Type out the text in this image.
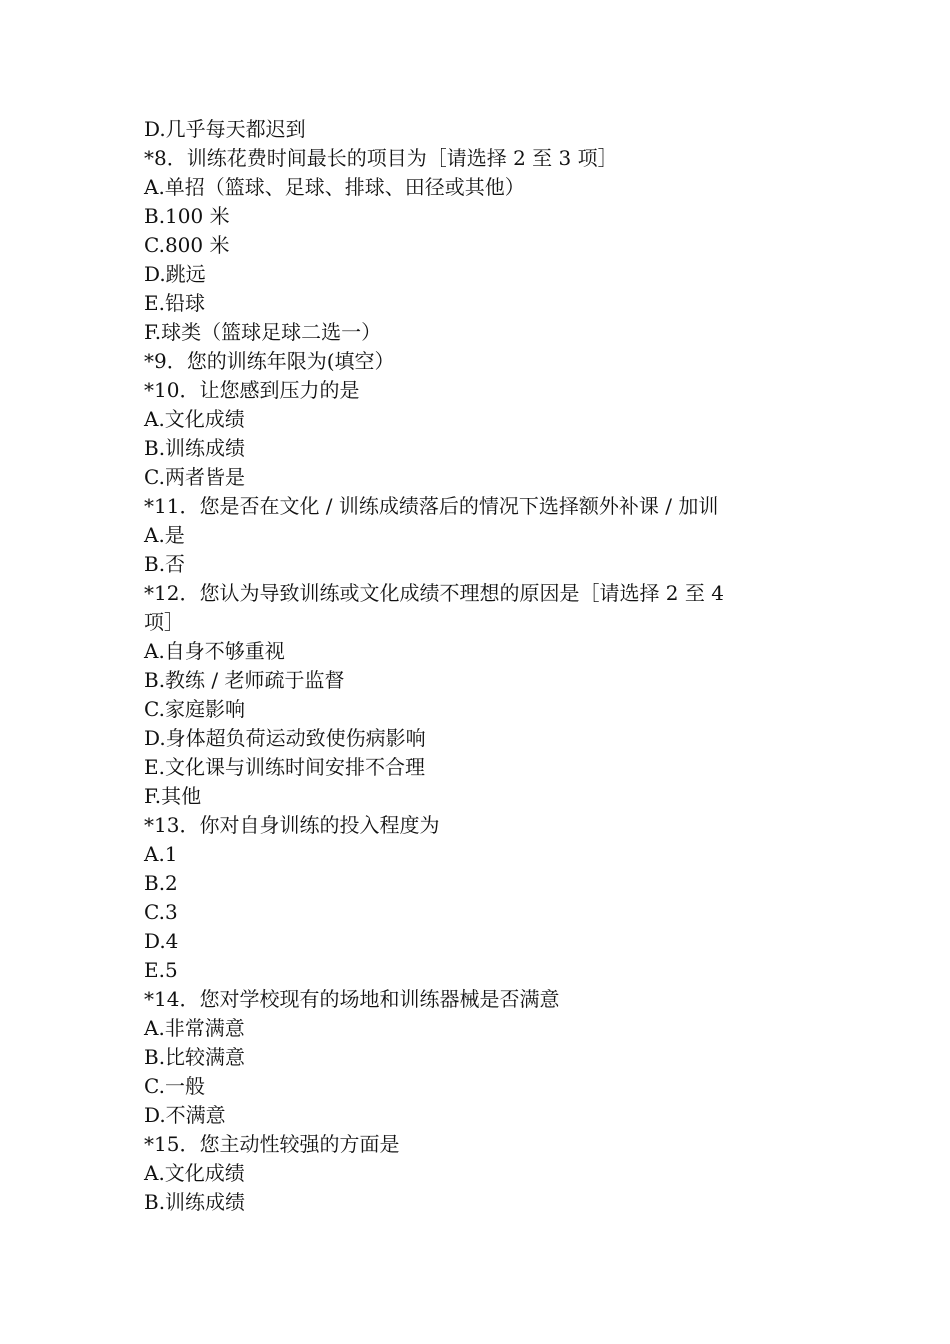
D.几乎每天都迟到
*8．训练花费时间最长的项目为［请选择 2 至 3 项］
A.单招（篮球、足球、排球、田径或其他）
B.100 米
C.800 米
D.跳远
E.铅球
F.球类（篮球足球二选一）
*9．您的训练年限为(填空）
*10．让您感到压力的是
A.文化成绩
B.训练成绩
C.两者皆是
*11．您是否在文化 / 训练成绩落后的情况下选择额外补课 / 加训
A.是
B.否
*12．您认为导致训练或文化成绩不理想的原因是［请选择 2 至 4
项］
A.自身不够重视
B.教练 / 老师疏于监督
C.家庭影响
D.身体超负荷运动致使伤病影响
E.文化课与训练时间安排不合理
F.其他
*13．你对自身训练的投入程度为
A.1
B.2
C.3
D.4
E.5
*14．您对学校现有的场地和训练器械是否满意
A.非常满意
B.比较满意
C.一般
D.不满意
*15．您主动性较强的方面是
A.文化成绩
B.训练成绩
